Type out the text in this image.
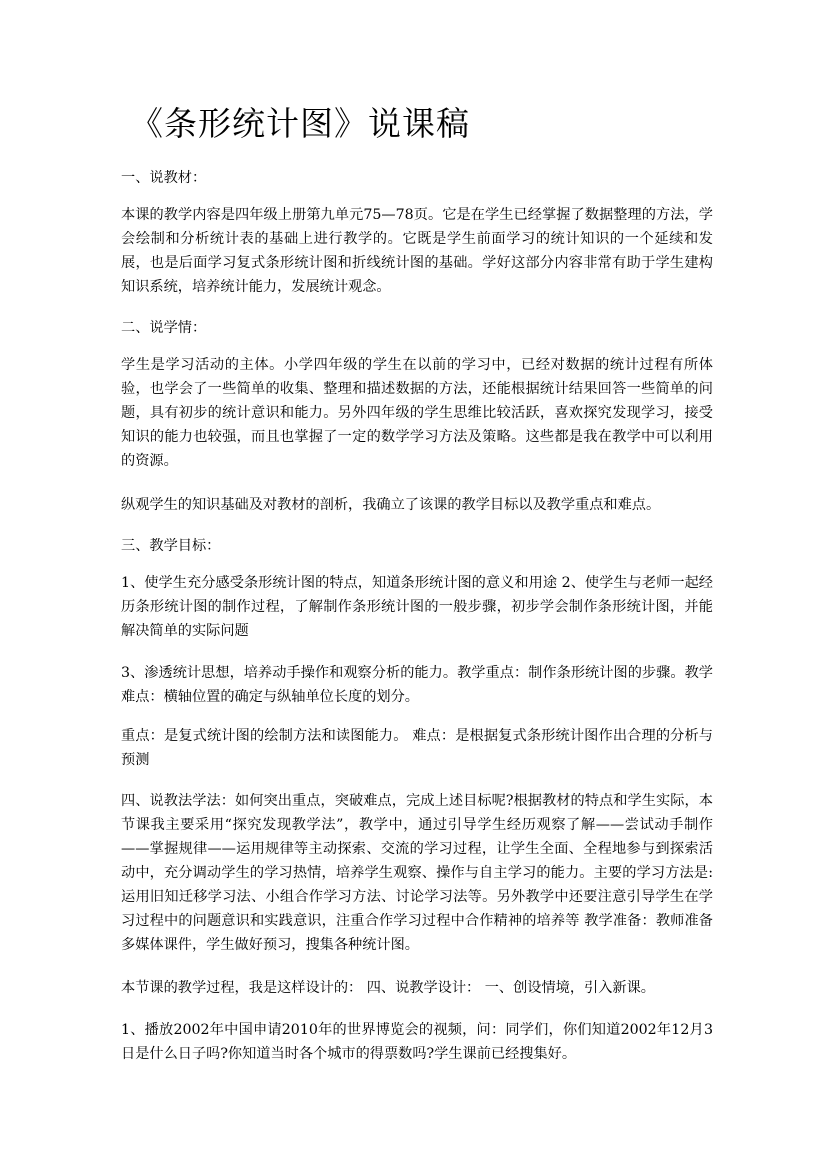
《条形统计图》说课稿

一、说教材：

本课的教学内容是四年级上册第九单元75—78页。它是在学生已经掌握了数据整理的方法，学会绘制和分析统计表的基础上进行教学的。它既是学生前面学习的统计知识的一个延续和发展，也是后面学习复式条形统计图和折线统计图的基础。学好这部分内容非常有助于学生建构知识系统，培养统计能力，发展统计观念。

二、说学情：

学生是学习活动的主体。小学四年级的学生在以前的学习中，已经对数据的统计过程有所体验，也学会了一些简单的收集、整理和描述数据的方法，还能根据统计结果回答一些简单的问题，具有初步的统计意识和能力。另外四年级的学生思维比较活跃，喜欢探究发现学习，接受知识的能力也较强，而且也掌握了一定的数学学习方法及策略。这些都是我在教学中可以利用的资源。

纵观学生的知识基础及对教材的剖析，我确立了该课的教学目标以及教学重点和难点。

三、教学目标：

1、使学生充分感受条形统计图的特点，知道条形统计图的意义和用途 2、使学生与老师一起经历条形统计图的制作过程，了解制作条形统计图的一般步骤，初步学会制作条形统计图，并能解决简单的实际问题

3、渗透统计思想，培养动手操作和观察分析的能力。教学重点：制作条形统计图的步骤。教学难点：横轴位置的确定与纵轴单位长度的划分。

重点：是复式统计图的绘制方法和读图能力。 难点：是根据复式条形统计图作出合理的分析与预测

四、说教法学法：如何突出重点，突破难点，完成上述目标呢?根据教材的特点和学生实际，本节课我主要采用“探究发现教学法”，教学中，通过引导学生经历观察了解——尝试动手制作——掌握规律——运用规律等主动探索、交流的学习过程，让学生全面、全程地参与到探索活动中，充分调动学生的学习热情，培养学生观察、操作与自主学习的能力。主要的学习方法是: 运用旧知迁移学习法、小组合作学习方法、讨论学习法等。另外教学中还要注意引导学生在学习过程中的问题意识和实践意识，注重合作学习过程中合作精神的培养等 教学准备：教师准备多媒体课件，学生做好预习，搜集各种统计图。

本节课的教学过程，我是这样设计的： 四、说教学设计： 一、创设情境，引入新课。

1、播放2002年中国申请2010年的世界博览会的视频，问：同学们，你们知道2002年12月3日是什么日子吗?你知道当时各个城市的得票数吗?学生课前已经搜集好。
